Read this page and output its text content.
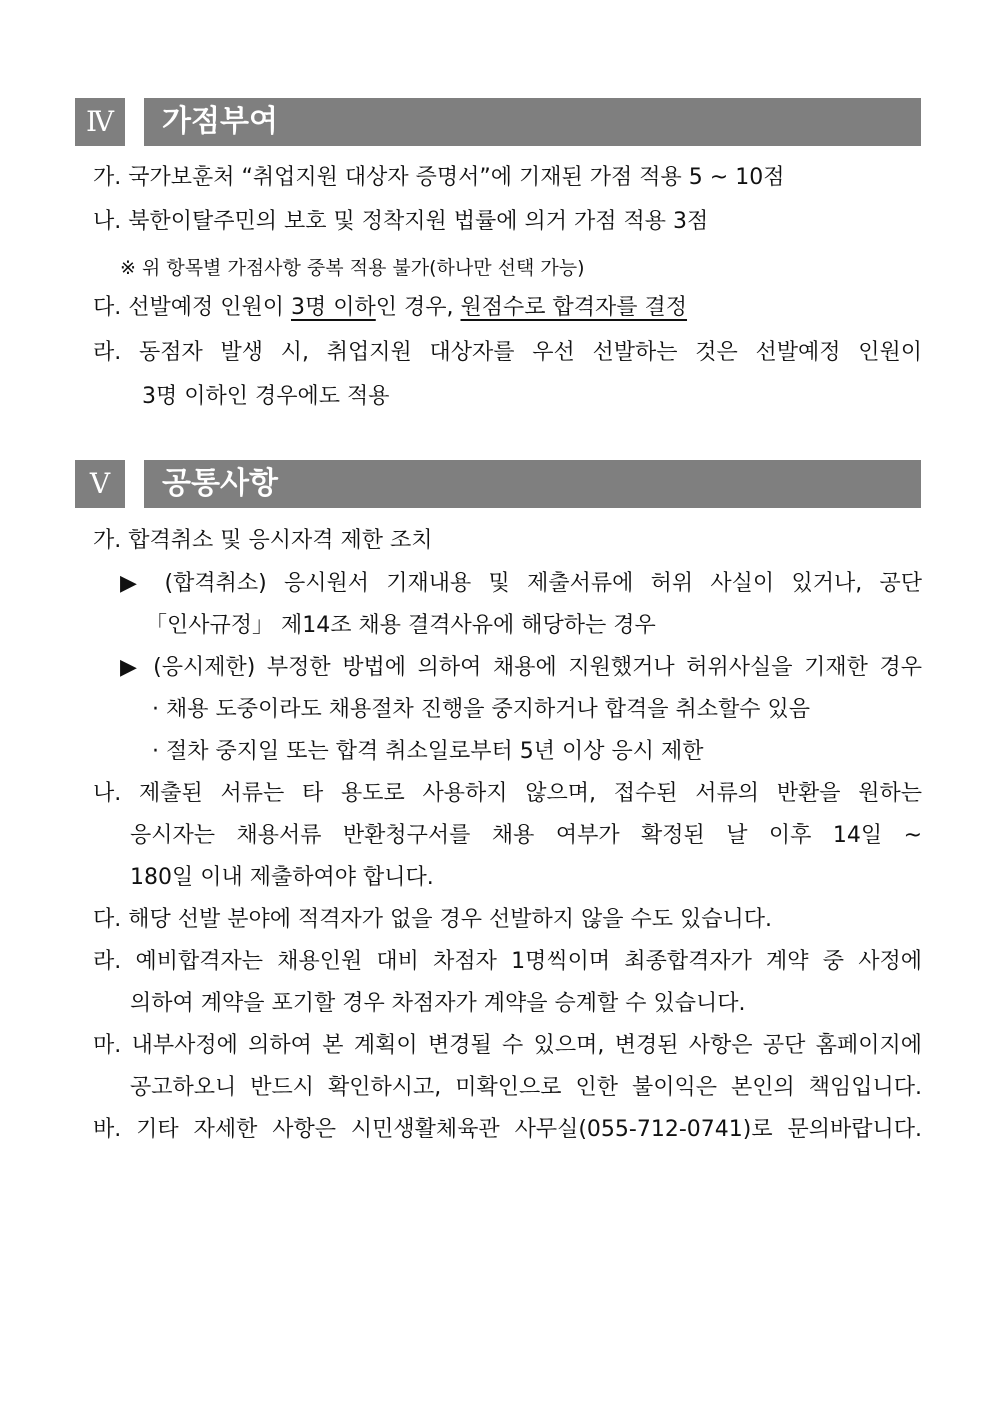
Ⅳ	가점부여
가. 국가보훈처 “취업지원 대상자 증명서”에 기재된 가점 적용 5 ~ 10점
나. 북한이탈주민의 보호 및 정착지원 법률에 의거 가점 적용 3점
※ 위 항목별 가점사항 중복 적용 불가(하나만 선택 가능)
다. 선발예정 인원이 3명 이하인 경우, 원점수로 합격자를 결정
라. 동점자 발생 시, 취업지원 대상자를 우선 선발하는 것은 선발예정 인원이
3명 이하인 경우에도 적용
Ⅴ	공통사항
가. 합격취소 및 응시자격 제한 조치
▶ (합격취소) 응시원서 기재내용 및 제출서류에 허위 사실이 있거나, 공단
「인사규정」 제14조 채용 결격사유에 해당하는 경우
▶ (응시제한) 부정한 방법에 의하여 채용에 지원했거나 허위사실을 기재한 경우
· 채용 도중이라도 채용절차 진행을 중지하거나 합격을 취소할수 있음
· 절차 중지일 또는 합격 취소일로부터 5년 이상 응시 제한
나. 제출된 서류는 타 용도로 사용하지 않으며, 접수된 서류의 반환을 원하는
응시자는 채용서류 반환청구서를 채용 여부가 확정된 날 이후 14일 ~
180일 이내 제출하여야 합니다.
다. 해당 선발 분야에 적격자가 없을 경우 선발하지 않을 수도 있습니다.
라. 예비합격자는 채용인원 대비 차점자 1명씩이며 최종합격자가 계약 중 사정에
의하여 계약을 포기할 경우 차점자가 계약을 승계할 수 있습니다.
마. 내부사정에 의하여 본 계획이 변경될 수 있으며, 변경된 사항은 공단 홈페이지에
공고하오니 반드시 확인하시고, 미확인으로 인한 불이익은 본인의 책임입니다.
바. 기타 자세한 사항은 시민생활체육관 사무실(055-712-0741)로 문의바랍니다.
